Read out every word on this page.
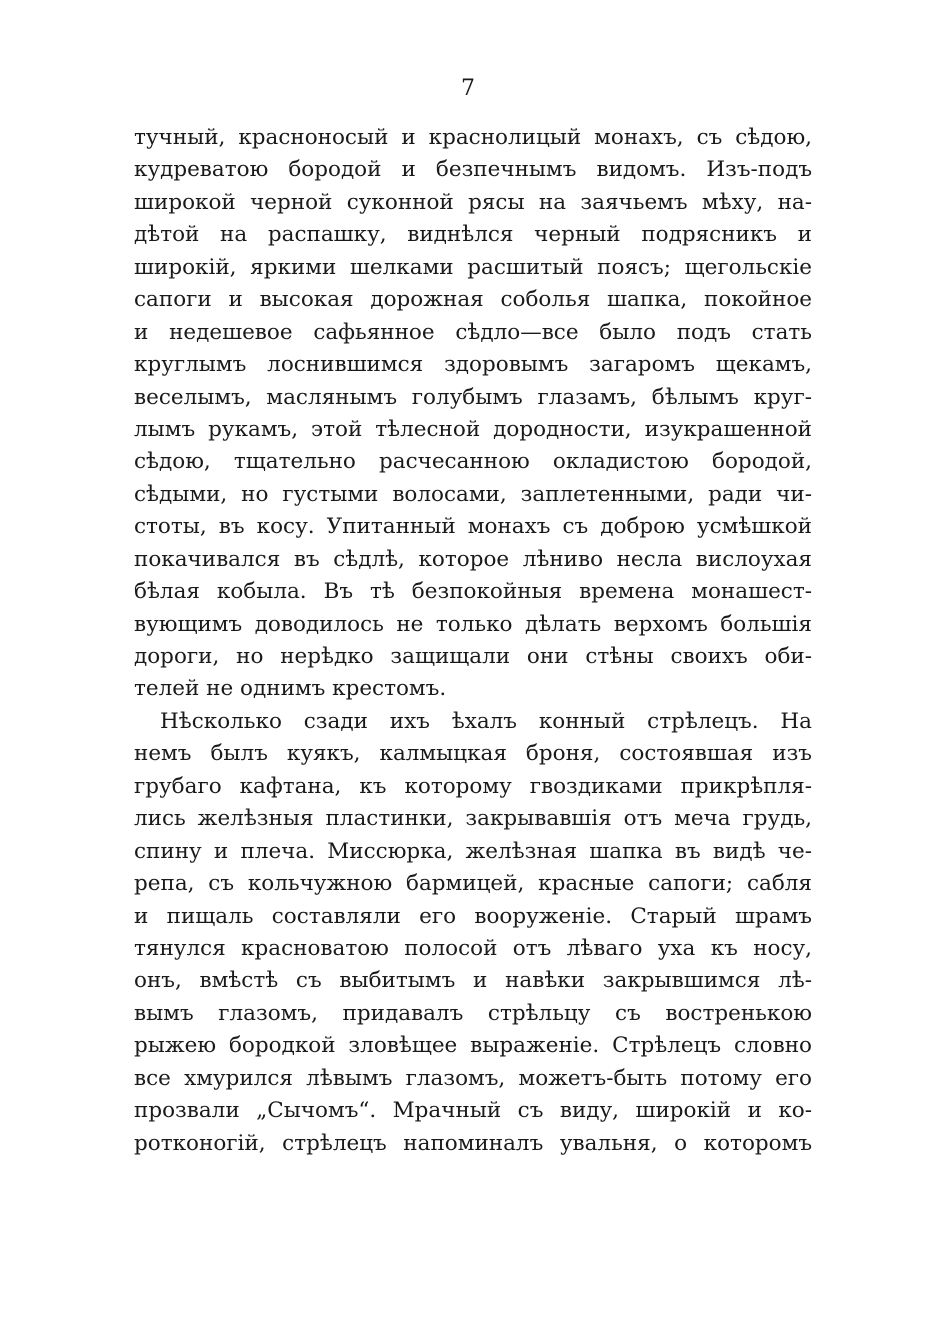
7
тучный, красноносый и краснолицый монахъ, съ сѣдою,
кудреватою бородой и безпечнымъ видомъ. Изъ-подъ
широкой черной суконной рясы на заячьемъ мѣху, на-
дѣтой на распашку, виднѣлся черный подрясникъ и
широкій, яркими шелками расшитый поясъ; щегольскіе
сапоги и высокая дорожная соболья шапка, покойное
и недешевое сафьянное сѣдло—все было подъ стать
круглымъ лоснившимся здоровымъ загаромъ щекамъ,
веселымъ, маслянымъ голубымъ глазамъ, бѣлымъ круг-
лымъ рукамъ, этой тѣлесной дородности, изукрашенной
сѣдою, тщательно расчесанною окладистою бородой,
сѣдыми, но густыми волосами, заплетенными, ради чи-
стоты, въ косу. Упитанный монахъ съ доброю усмѣшкой
покачивался въ сѣдлѣ, которое лѣниво несла вислоухая
бѣлая кобыла. Въ тѣ безпокойныя времена монашест-
вующимъ доводилось не только дѣлать верхомъ большія
дороги, но нерѣдко защищали они стѣны своихъ оби-
телей не однимъ крестомъ.
Нѣсколько сзади ихъ ѣхалъ конный стрѣлецъ. На
немъ былъ куякъ, калмыцкая броня, состоявшая изъ
грубаго кафтана, къ которому гвоздиками прикрѣпля-
лись желѣзныя пластинки, закрывавшія отъ меча грудь,
спину и плеча. Миссюрка, желѣзная шапка въ видѣ че-
репа, съ кольчужною бармицей, красные сапоги; сабля
и пищаль составляли его вооруженіе. Старый шрамъ
тянулся красноватою полосой отъ лѣваго уха къ носу,
онъ, вмѣстѣ съ выбитымъ и навѣки закрывшимся лѣ-
вымъ глазомъ, придавалъ стрѣльцу съ востренькою
рыжею бородкой зловѣщее выраженіе. Стрѣлецъ словно
все хмурился лѣвымъ глазомъ, можетъ-быть потому его
прозвали „Сычомъ“. Мрачный съ виду, широкій и ко-
ротконогій, стрѣлецъ напоминалъ увальня, о которомъ
